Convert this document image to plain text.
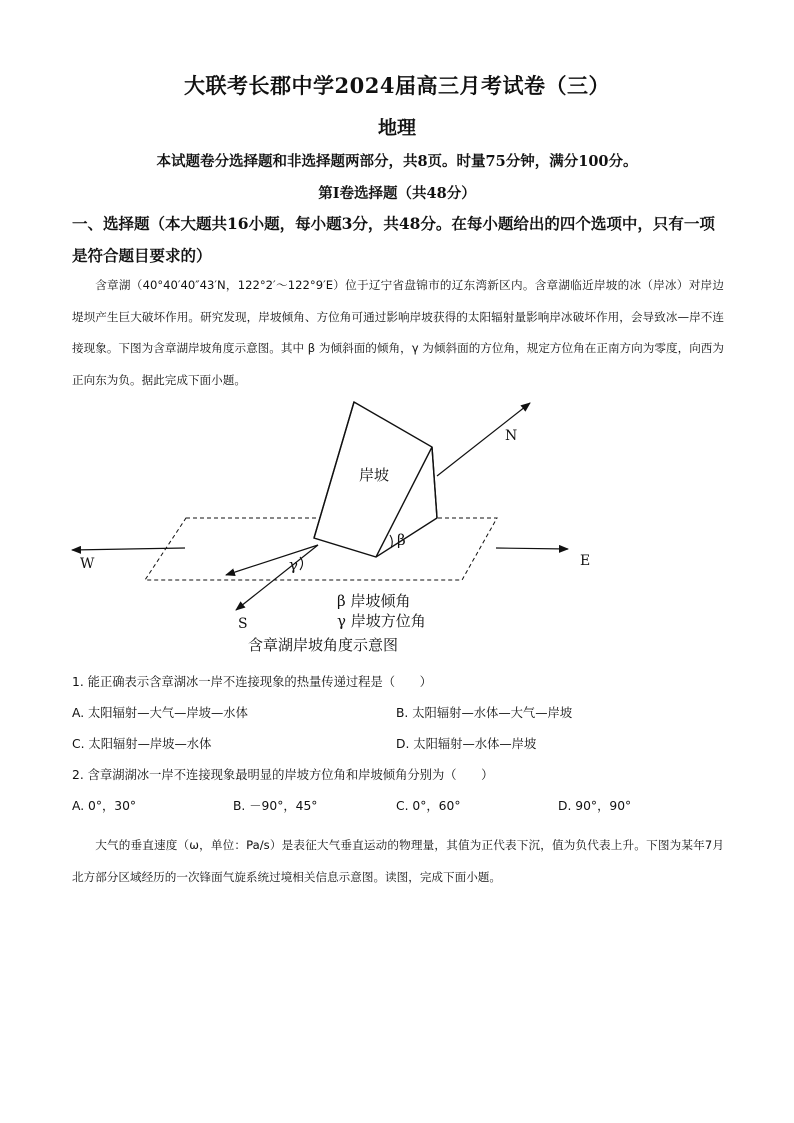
大联考长郡中学2024届高三月考试卷（三）
地理
本试题卷分选择题和非选择题两部分，共8页。时量75分钟，满分100分。
第Ⅰ卷选择题（共48分）
一、选择题（本大题共16小题，每小题3分，共48分。在每小题给出的四个选项中，只有一项是符合题目要求的）
含章湖（40°40′40″43′N，122°2′～122°9′E）位于辽宁省盘锦市的辽东湾新区内。含章湖临近岸坡的冰（岸冰）对岸边堤坝产生巨大破坏作用。研究发现，岸坡倾角、方位角可通过影响岸坡获得的太阳辐射量影响岸冰破坏作用，会导致冰—岸不连接现象。下图为含章湖岸坡角度示意图。其中 β 为倾斜面的倾角，γ 为倾斜面的方位角，规定方位角在正南方向为零度，向西为正向东为负。据此完成下面小题。
岸坡
N
W	E
S
β
γ
β 岸坡倾角
γ 岸坡方位角
含章湖岸坡角度示意图
1. 能正确表示含章湖冰一岸不连接现象的热量传递过程是（　　）
A. 太阳辐射—大气—岸坡—水体	B. 太阳辐射—水体—大气—岸坡
C. 太阳辐射—岸坡—水体	D. 太阳辐射—水体—岸坡
2. 含章湖湖冰一岸不连接现象最明显的岸坡方位角和岸坡倾角分别为（　　）
A. 0°，30°	B. －90°，45°	C. 0°，60°	D. 90°，90°
大气的垂直速度（ω，单位：Pa/s）是表征大气垂直运动的物理量，其值为正代表下沉，值为负代表上升。下图为某年7月北方部分区域经历的一次锋面气旋系统过境相关信息示意图。读图，完成下面小题。
